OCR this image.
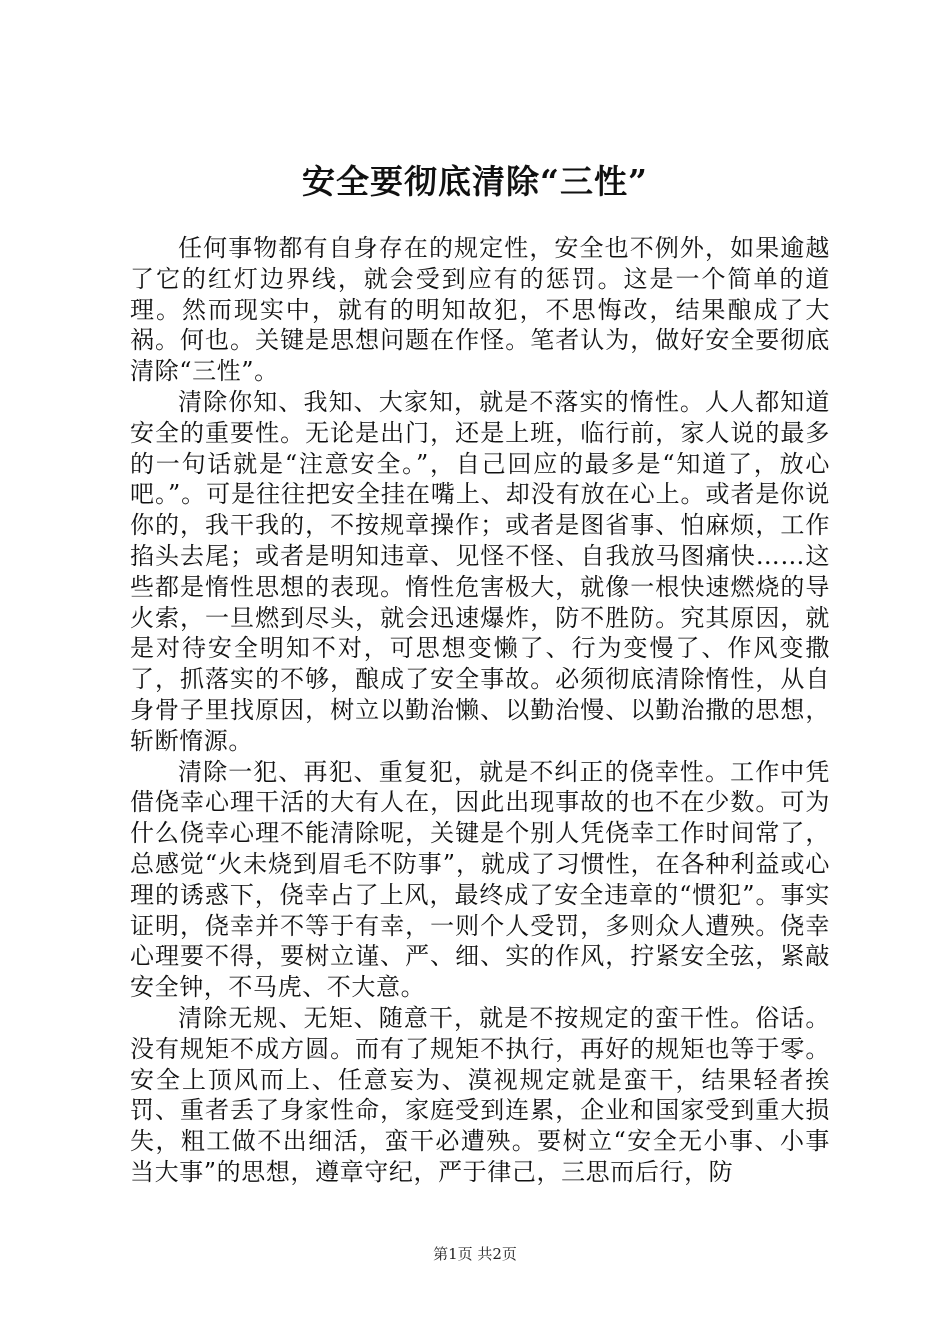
安全要彻底清除“三性”

任何事物都有自身存在的规定性，安全也不例外，如果逾越了它的红灯边界线，就会受到应有的惩罚。这是一个简单的道理。然而现实中，就有的明知故犯，不思悔改，结果酿成了大祸。何也。关键是思想问题在作怪。笔者认为，做好安全要彻底清除“三性”。

清除你知、我知、大家知，就是不落实的惰性。人人都知道安全的重要性。无论是出门，还是上班，临行前，家人说的最多的一句话就是“注意安全。”，自己回应的最多是“知道了，放心吧。”。可是往往把安全挂在嘴上、却没有放在心上。或者是你说你的，我干我的，不按规章操作；或者是图省事、怕麻烦，工作掐头去尾；或者是明知违章、见怪不怪、自我放马图痛快……这些都是惰性思想的表现。惰性危害极大，就像一根快速燃烧的导火索，一旦燃到尽头，就会迅速爆炸，防不胜防。究其原因，就是对待安全明知不对，可思想变懒了、行为变慢了、作风变撒了，抓落实的不够，酿成了安全事故。必须彻底清除惰性，从自身骨子里找原因，树立以勤治懒、以勤治慢、以勤治撒的思想，斩断惰源。

清除一犯、再犯、重复犯，就是不纠正的侥幸性。工作中凭借侥幸心理干活的大有人在，因此出现事故的也不在少数。可为什么侥幸心理不能清除呢，关键是个别人凭侥幸工作时间常了，总感觉“火未烧到眉毛不防事”，就成了习惯性，在各种利益或心理的诱惑下，侥幸占了上风，最终成了安全违章的“惯犯”。事实证明，侥幸并不等于有幸，一则个人受罚，多则众人遭殃。侥幸心理要不得，要树立谨、严、细、实的作风，拧紧安全弦，紧敲安全钟，不马虎、不大意。

清除无规、无矩、随意干，就是不按规定的蛮干性。俗话。没有规矩不成方圆。而有了规矩不执行，再好的规矩也等于零。安全上顶风而上、任意妄为、漠视规定就是蛮干，结果轻者挨罚、重者丢了身家性命，家庭受到连累，企业和国家受到重大损失，粗工做不出细活，蛮干必遭殃。要树立“安全无小事、小事当大事”的思想，遵章守纪，严于律己，三思而后行，防

第1页 共2页
